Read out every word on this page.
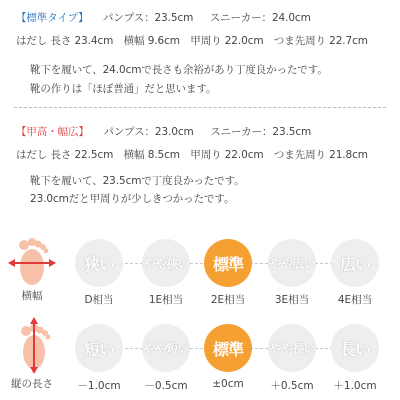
【標準タイプ】 パンプス：23.5cm スニーカー：24.0cm
はだし 長さ 23.4cm　横幅 9.6cm　甲周り 22.0cm　つま先周り 22.7cm
靴下を履いて、24.0cmで長さも余裕があり丁度良かったです。
靴の作りは「ほぼ普通」だと思います。
【甲高・幅広】 パンプス：23.0cm スニーカー：23.5cm
はだし 長さ 22.5cm　横幅 8.5cm　甲周り 22.0cm　つま先周り 21.8cm
靴下を履いて、23.5cmで丁度良かったです。
23.0cmだと甲周りが少しきつかったです。
横幅
狭い	やや狭い	標準	やや広い	広い
D相当	1E相当	2E相当	3E相当	4E相当
縦の長さ
短い	やや短い	標準	やや長い	長い
－1.0cm	－0.5cm	±0cm	＋0.5cm	＋1.0cm
